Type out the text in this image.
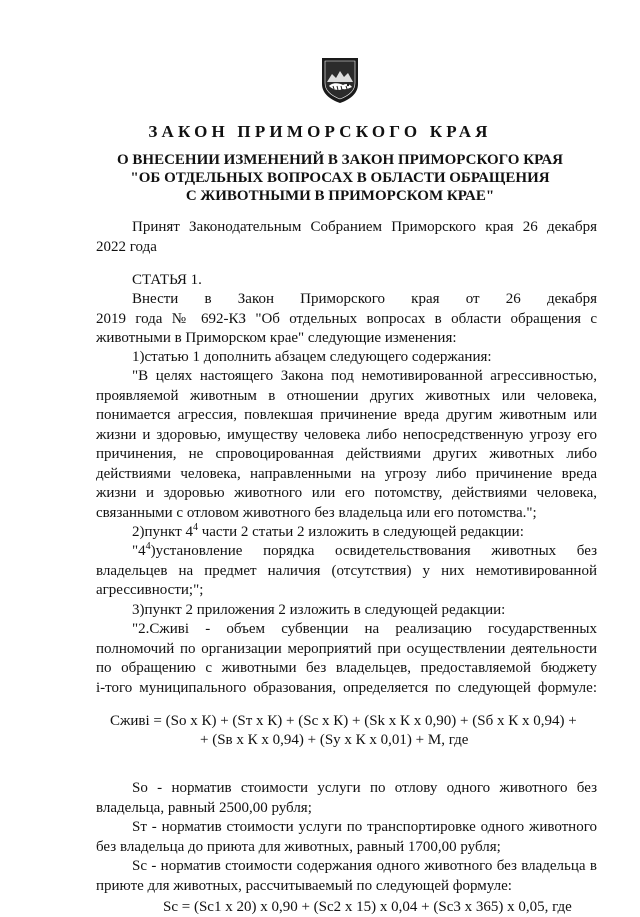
ЗАКОН ПРИМОРСКОГО КРАЯ
О ВНЕСЕНИИ ИЗМЕНЕНИЙ В ЗАКОН ПРИМОРСКОГО КРАЯ
"ОБ ОТДЕЛЬНЫХ ВОПРОСАХ В ОБЛАСТИ ОБРАЩЕНИЯ
С ЖИВОТНЫМИ В ПРИМОРСКОМ КРАЕ"
Принят Законодательным Собранием Приморского края 26 декабря
2022 года
СТАТЬЯ 1.
Внести в Закон Приморского края от 26 декабря
2019 года № 692-КЗ "Об отдельных вопросах в области обращения с
животными в Приморском крае" следующие изменения:
1)статью 1 дополнить абзацем следующего содержания:
"В целях настоящего Закона под немотивированной агрессивностью,
проявляемой животным в отношении других животных или человека,
понимается агрессия, повлекшая причинение вреда другим животным или
жизни и здоровью, имуществу человека либо непосредственную угрозу его
причинения, не спровоцированная действиями других животных либо
действиями человека, направленными на угрозу либо причинение вреда
жизни и здоровью животного или его потомству, действиями человека,
связанными с отловом животного без владельца или его потомства.";
2)пункт $4^4$ части 2 статьи 2 изложить в следующей редакции:
"$4^4)установление$ порядка освидетельствования животных без
владельцев на предмет наличия (отсутствия) у них немотивированной
агрессивности;";
3)пункт 2 приложения 2 изложить в следующей редакции:
"2.Сживі - объем субвенции на реализацию государственных
полномочий по организации мероприятий при осуществлении деятельности
по обращению с животными без владельцев, предоставляемой бюджету
i-того муниципального образования, определяется по следующей формуле:
Сживі = (So x К) + (Sт x К) + (Sc x К) + (Sk x К x 0,90) + (Sб x К x 0,94) +
+ (Sв x К x 0,94) + (Sу x К x 0,01) + М, где
So - норматив стоимости услуги по отлову одного животного без
владельца, равный 2500,00 рубля;
Sт - норматив стоимости услуги по транспортировке одного животного
без владельца до приюта для животных, равный 1700,00 рубля;
Sc - норматив стоимости содержания одного животного без владельца в
приюте для животных, рассчитываемый по следующей формуле:
Sc = (Sc1 x 20) x 0,90 + (Sc2 x 15) x 0,04 + (Sc3 x 365) x 0,05, где
